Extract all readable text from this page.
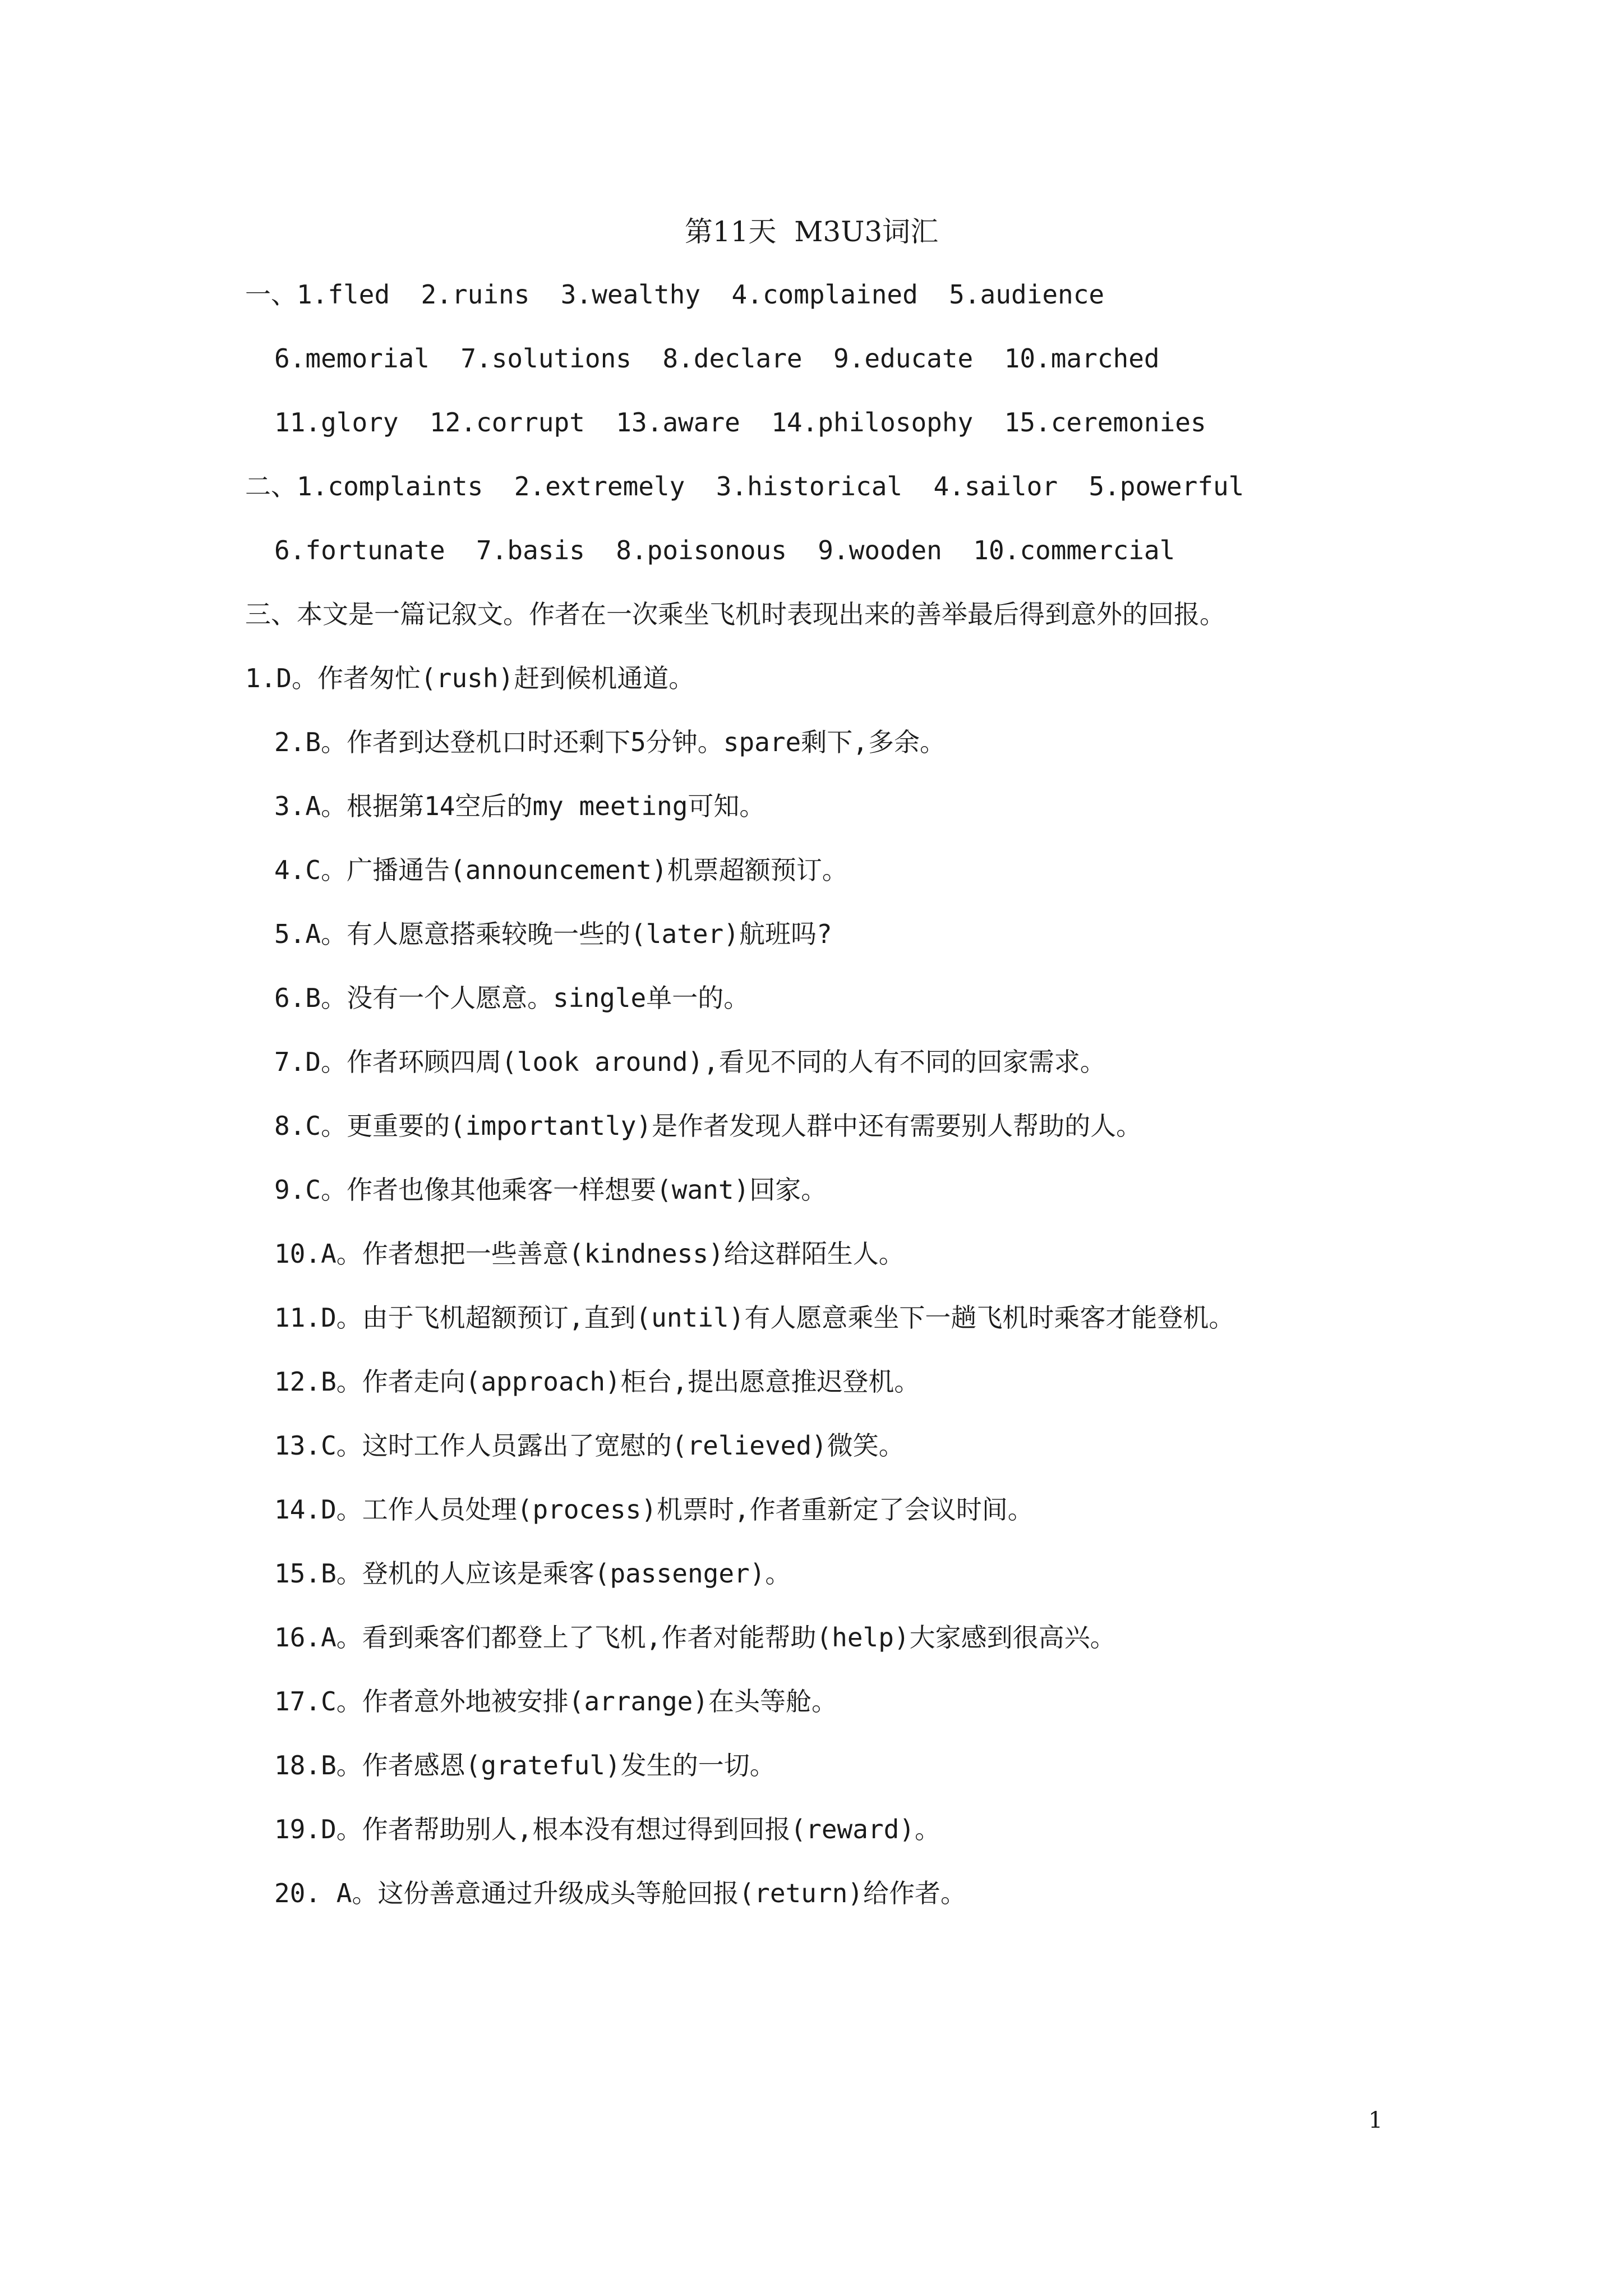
第11天  M3U3词汇
一、1.fled  2.ruins  3.wealthy  4.complained  5.audience
6.memorial  7.solutions  8.declare  9.educate  10.marched
11.glory  12.corrupt  13.aware  14.philosophy  15.ceremonies
二、1.complaints  2.extremely  3.historical  4.sailor  5.powerful
6.fortunate  7.basis  8.poisonous  9.wooden  10.commercial
三、本文是一篇记叙文。作者在一次乘坐飞机时表现出来的善举最后得到意外的回报。
1.D。作者匆忙(rush)赶到候机通道。
2.B。作者到达登机口时还剩下5分钟。spare剩下,多余。
3.A。根据第14空后的my meeting可知。
4.C。广播通告(announcement)机票超额预订。
5.A。有人愿意搭乘较晚一些的(later)航班吗?
6.B。没有一个人愿意。single单一的。
7.D。作者环顾四周(look around),看见不同的人有不同的回家需求。
8.C。更重要的(importantly)是作者发现人群中还有需要别人帮助的人。
9.C。作者也像其他乘客一样想要(want)回家。
10.A。作者想把一些善意(kindness)给这群陌生人。
11.D。由于飞机超额预订,直到(until)有人愿意乘坐下一趟飞机时乘客才能登机。
12.B。作者走向(approach)柜台,提出愿意推迟登机。
13.C。这时工作人员露出了宽慰的(relieved)微笑。
14.D。工作人员处理(process)机票时,作者重新定了会议时间。
15.B。登机的人应该是乘客(passenger)。
16.A。看到乘客们都登上了飞机,作者对能帮助(help)大家感到很高兴。
17.C。作者意外地被安排(arrange)在头等舱。
18.B。作者感恩(grateful)发生的一切。
19.D。作者帮助别人,根本没有想过得到回报(reward)。
20. A。这份善意通过升级成头等舱回报(return)给作者。
1
